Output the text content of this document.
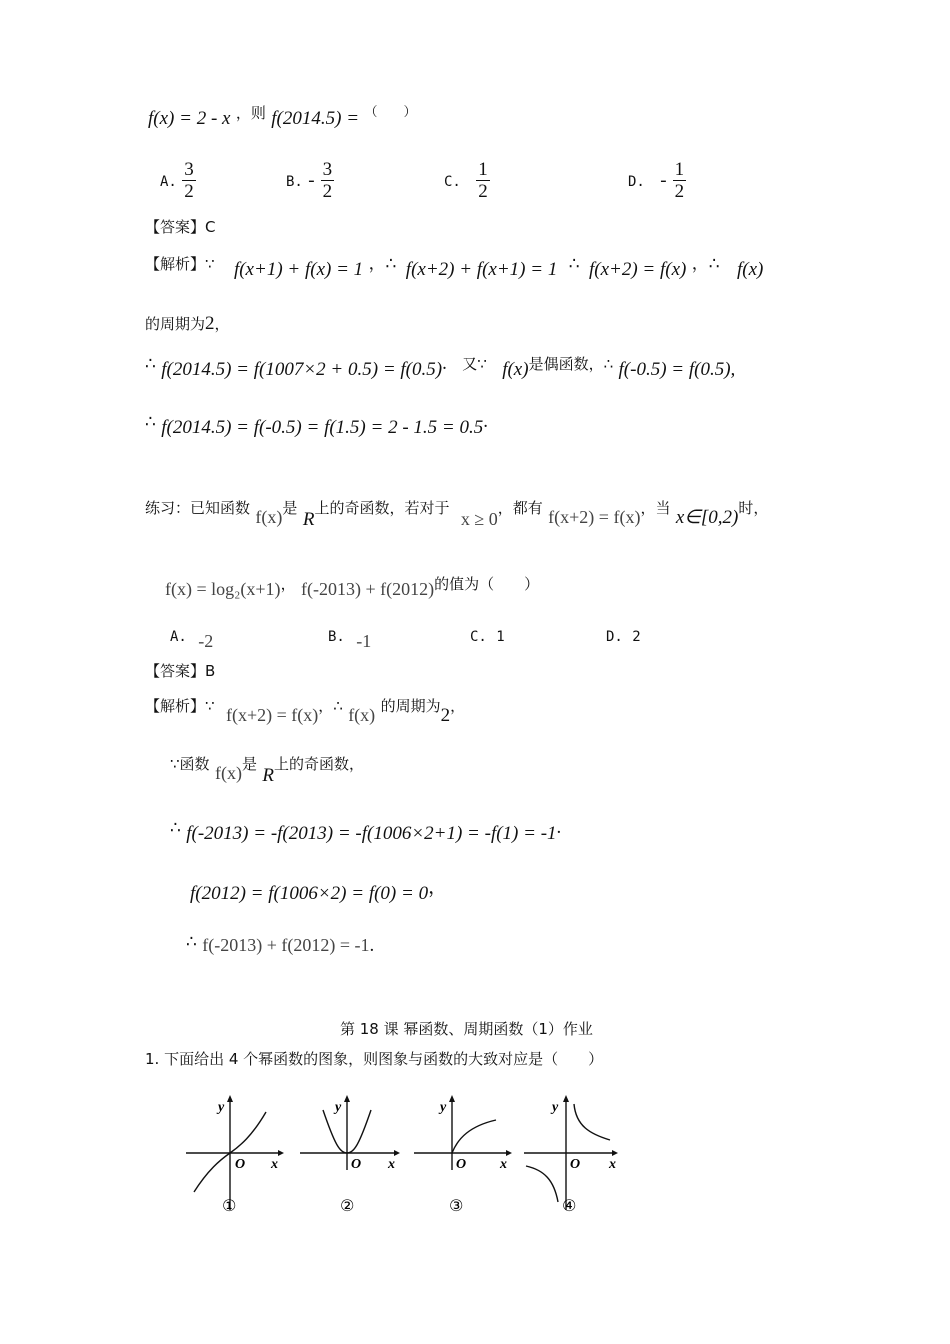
f(x) = 2 - x ，则 f(2014.5) = （　　）
A. $\frac{3}{2}$	B. - $\frac{3}{2}$	C. $\frac{1}{2}$	D. - $\frac{1}{2}$
【答案】C
【解析】∵ f(x+1) + f(x) = 1 ，∴ f(x+2) + f(x+1) = 1 ∴ f(x+2) = f(x) ，∴ f(x)
的周期为2，
∴ f(2014.5) = f(1007×2 + 0.5) = f(0.5). 又∵ f(x)是偶函数，∴ f(-0.5) = f(0.5),
∴ f(2014.5) = f(-0.5) = f(1.5) = 2 - 1.5 = 0.5.
练习：已知函数 f(x)是 R上的奇函数，若对于 x ≥ 0，都有 f(x+2) = f(x)，当 x∈[0,2)时，
f(x) = log₂(x+1)， f(-2013) + f(2012)的值为（　　）
A. -2	B. -1	C. 1	D. 2
【答案】B
【解析】∵ f(x+2) = f(x)，∴ f(x) 的周期为2，
∵函数 f(x)是 R上的奇函数，
∴ f(-2013) = -f(2013) = -f(1006×2+1) = -f(1) = -1.
f(2012) = f(1006×2) = f(0) = 0，
∴ f(-2013) + f(2012) = -1.
第 18 课 幂函数、周期函数（1）作业
1. 下面给出 4 个幂函数的图象，则图象与函数的大致对应是（　　）
y
O x
①
y
O x
②
y
O x
③
y
O x
④
